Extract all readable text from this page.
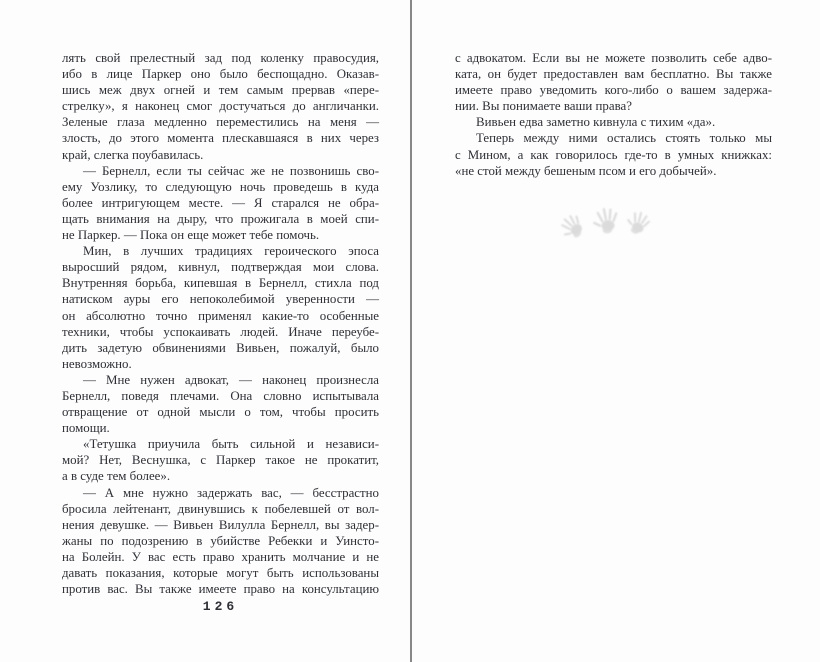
лять свой прелестный зад под коленку правосудия,
ибо в лице Паркер оно было беспощадно. Оказав-
шись меж двух огней и тем самым прервав «пере-
стрелку», я наконец смог достучаться до англичанки.
Зеленые глаза медленно переместились на меня —
злость, до этого момента плескавшаяся в них через
край, слегка поубавилась.
— Бернелл, если ты сейчас же не позвонишь сво-
ему Уозлику, то следующую ночь проведешь в куда
более интригующем месте. — Я старался не обра-
щать внимания на дыру, что прожигала в моей спи-
не Паркер. — Пока он еще может тебе помочь.
Мин, в лучших традициях героического эпоса
выросший рядом, кивнул, подтверждая мои слова.
Внутренняя борьба, кипевшая в Бернелл, стихла под
натиском ауры его непоколебимой уверенности —
он абсолютно точно применял какие-то особенные
техники, чтобы успокаивать людей. Иначе переубе-
дить задетую обвинениями Вивьен, пожалуй, было
невозможно.
— Мне нужен адвокат, — наконец произнесла
Бернелл, поведя плечами. Она словно испытывала
отвращение от одной мысли о том, чтобы просить
помощи.
«Тетушка приучила быть сильной и независи-
мой? Нет, Веснушка, с Паркер такое не прокатит,
а в суде тем более».
— А мне нужно задержать вас, — бесстрастно
бросила лейтенант, двинувшись к побелевшей от вол-
нения девушке. — Вивьен Вилулла Бернелл, вы задер-
жаны по подозрению в убийстве Ребекки и Уинсто-
на Болейн. У вас есть право хранить молчание и не
давать показания, которые могут быть использованы
против вас. Вы также имеете право на консультацию
126
с адвокатом. Если вы не можете позволить себе адво-
ката, он будет предоставлен вам бесплатно. Вы также
имеете право уведомить кого-либо о вашем задержа-
нии. Вы понимаете ваши права?
Вивьен едва заметно кивнула с тихим «да».
Теперь между ними остались стоять только мы
с Мином, а как говорилось где-то в умных книжках:
«не стой между бешеным псом и его добычей».
